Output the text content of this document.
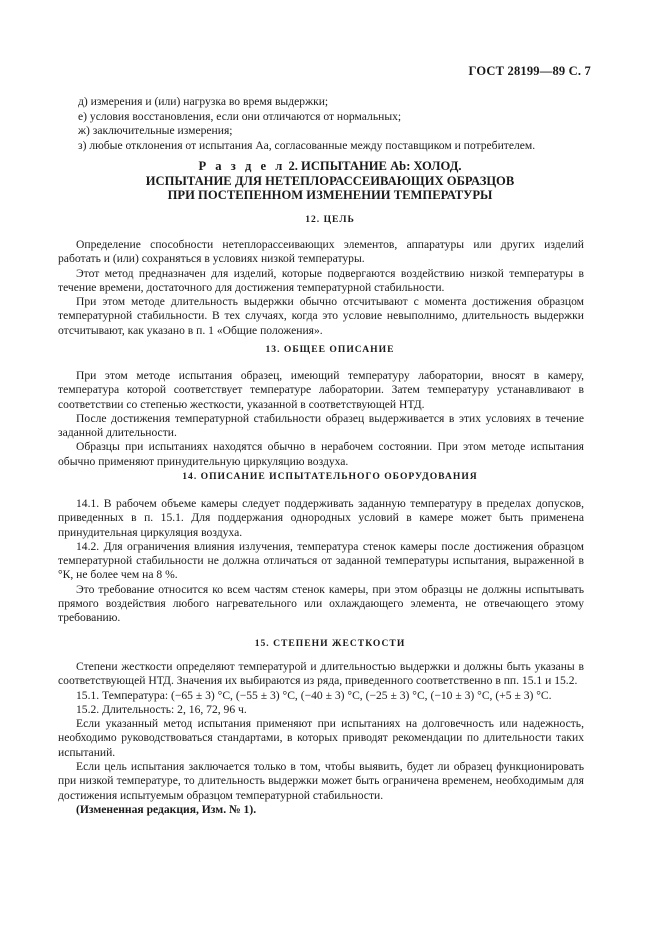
ГОСТ 28199—89 С. 7
д) измерения и (или) нагрузка во время выдержки;
е) условия восстановления, если они отличаются от нормальных;
ж) заключительные измерения;
з) любые отклонения от испытания Аа, согласованные между поставщиком и потребителем.
Р а з д е л 2. ИСПЫТАНИЕ Аb: ХОЛОД.
ИСПЫТАНИЕ ДЛЯ НЕТЕПЛОРАССЕИВАЮЩИХ ОБРАЗЦОВ
ПРИ ПОСТЕПЕННОМ ИЗМЕНЕНИИ ТЕМПЕРАТУРЫ
12. ЦЕЛЬ

Определение способности нетеплорассеивающих элементов, аппаратуры или других изделий работать и (или) сохраняться в условиях низкой температуры.

Этот метод предназначен для изделий, которые подвергаются воздействию низкой температуры в течение времени, достаточного для достижения температурной стабильности.

При этом методе длительность выдержки обычно отсчитывают с момента достижения образцом температурной стабильности. В тех случаях, когда это условие невыполнимо, длительность выдержки отсчитывают, как указано в п. 1 «Общие положения».

13. ОБЩЕЕ ОПИСАНИЕ

При этом методе испытания образец, имеющий температуру лаборатории, вносят в камеру, температура которой соответствует температуре лаборатории. Затем температуру устанавливают в соответствии со степенью жесткости, указанной в соответствующей НТД.

После достижения температурной стабильности образец выдерживается в этих условиях в течение заданной длительности.

Образцы при испытаниях находятся обычно в нерабочем состоянии. При этом методе испытания обычно применяют принудительную циркуляцию воздуха.

14. ОПИСАНИЕ ИСПЫТАТЕЛЬНОГО ОБОРУДОВАНИЯ

14.1. В рабочем объеме камеры следует поддерживать заданную температуру в пределах допусков, приведенных в п. 15.1. Для поддержания однородных условий в камере может быть применена принудительная циркуляция воздуха.

14.2. Для ограничения влияния излучения, температура стенок камеры после достижения образцом температурной стабильности не должна отличаться от заданной температуры испытания, выраженной в °К, не более чем на 8 %.

Это требование относится ко всем частям стенок камеры, при этом образцы не должны испытывать прямого воздействия любого нагревательного или охлаждающего элемента, не отвечающего этому требованию.

15. СТЕПЕНИ ЖЕСТКОСТИ

Степени жесткости определяют температурой и длительностью выдержки и должны быть указаны в соответствующей НТД. Значения их выбираются из ряда, приведенного соответственно в пп. 15.1 и 15.2.

15.1. Температура: (−65 ± 3) °С, (−55 ± 3) °С, (−40 ± 3) °С, (−25 ± 3) °С, (−10 ± 3) °С, (+5 ± 3) °С.

15.2. Длительность: 2, 16, 72, 96 ч.

Если указанный метод испытания применяют при испытаниях на долговечность или надежность, необходимо руководствоваться стандартами, в которых приводят рекомендации по длительности таких испытаний.

Если цель испытания заключается только в том, чтобы выявить, будет ли образец функционировать при низкой температуре, то длительность выдержки может быть ограничена временем, необходимым для достижения испытуемым образцом температурной стабильности.

(Измененная редакция, Изм. № 1).
